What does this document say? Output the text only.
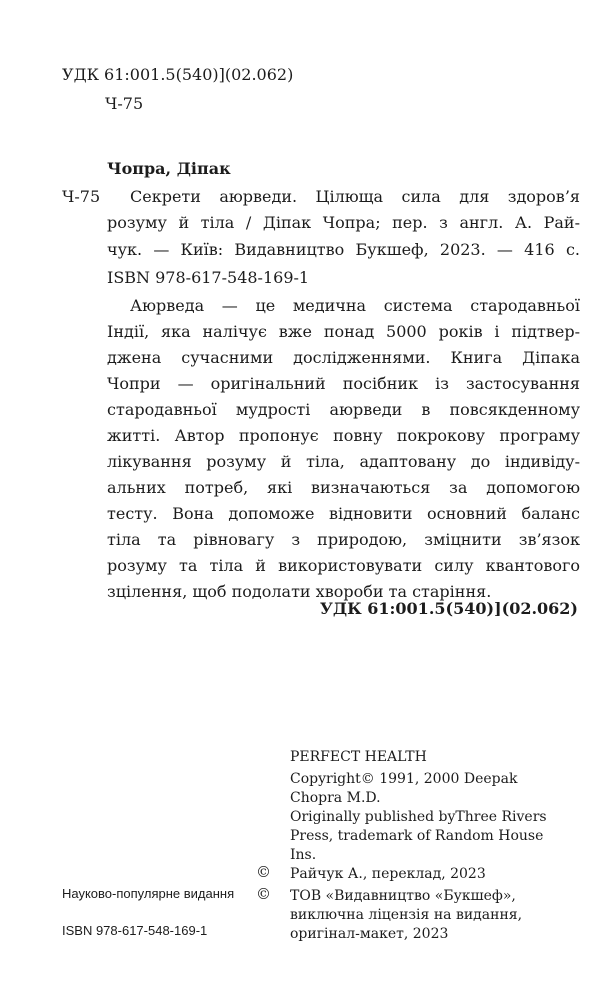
УДК 61:001.5(540)](02.062)
Ч-75
Чопра, Діпак
Ч-75 Секрети аюрведи. Цілюща сила для здоров’я
розуму й тіла / Діпак Чопра; пер. з англ. А. Рай-
чук. — Київ: Видавництво Букшеф, 2023. — 416 с.
ISBN 978-617-548-169-1
Аюрведа — це медична система стародавньої
Індії, яка налічує вже понад 5000 років і підтвер-
джена сучасними дослідженнями. Книга Діпака
Чопри — оригінальний посібник із застосування
стародавньої мудрості аюрведи в повсякденному
житті. Автор пропонує повну покрокову програму
лікування розуму й тіла, адаптовану до індивіду-
альних потреб, які визначаються за допомогою
тесту. Вона допоможе відновити основний баланс
тіла та рівновагу з природою, зміцнити зв’язок
розуму та тіла й використовувати силу квантового
зцілення, щоб подолати хвороби та старіння.
УДК 61:001.5(540)](02.062)
PERFECT HEALTH
Copyright© 1991, 2000 Deepak
Chopra M.D.
Originally published byThree Rivers
Press, trademark of Random House
Ins.
© Райчук А., переклад, 2023
© ТОВ «Видавництво «Букшеф»,
виключна ліцензія на видання,
оригінал-макет, 2023
Науково-популярне видання
ISBN 978-617-548-169-1
